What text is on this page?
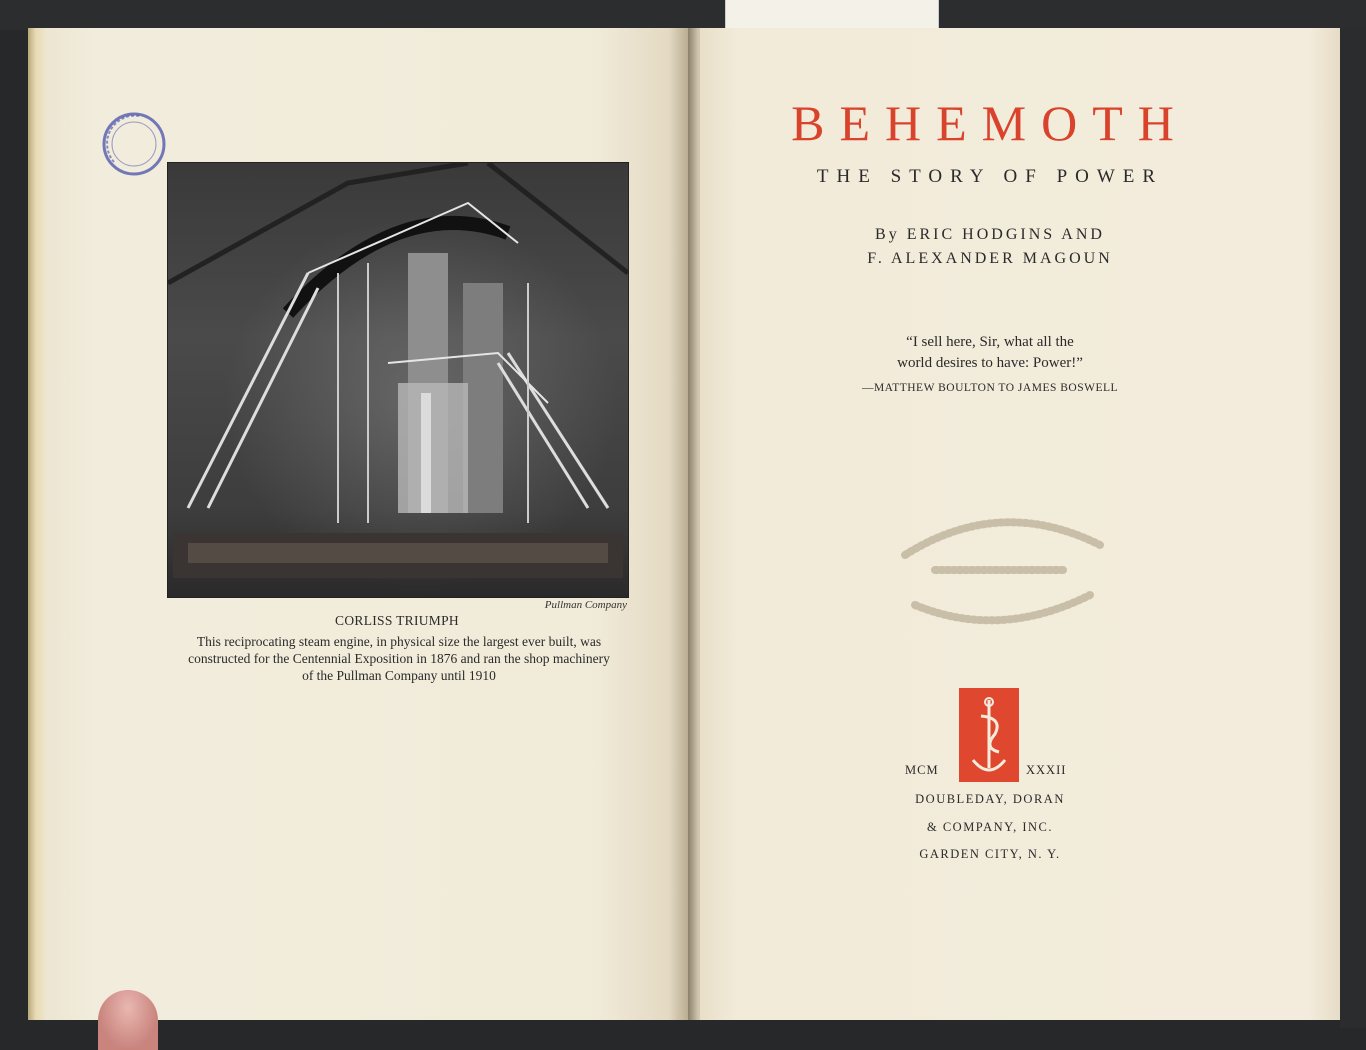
Pullman Company
CORLISS TRIUMPH
This reciprocating steam engine, in physical size the largest ever built, was constructed for the Centennial Exposition in 1876 and ran the shop machinery of the Pullman Company until 1910
BEHEMOTH
THE STORY OF POWER
By ERIC HODGINS AND
F. ALEXANDER MAGOUN
“I sell here, Sir, what all the
world desires to have: Power!”
—MATTHEW BOULTON TO JAMES BOSWELL
MCM	XXXII
DOUBLEDAY, DORAN
& COMPANY, INC.
GARDEN CITY, N. Y.
